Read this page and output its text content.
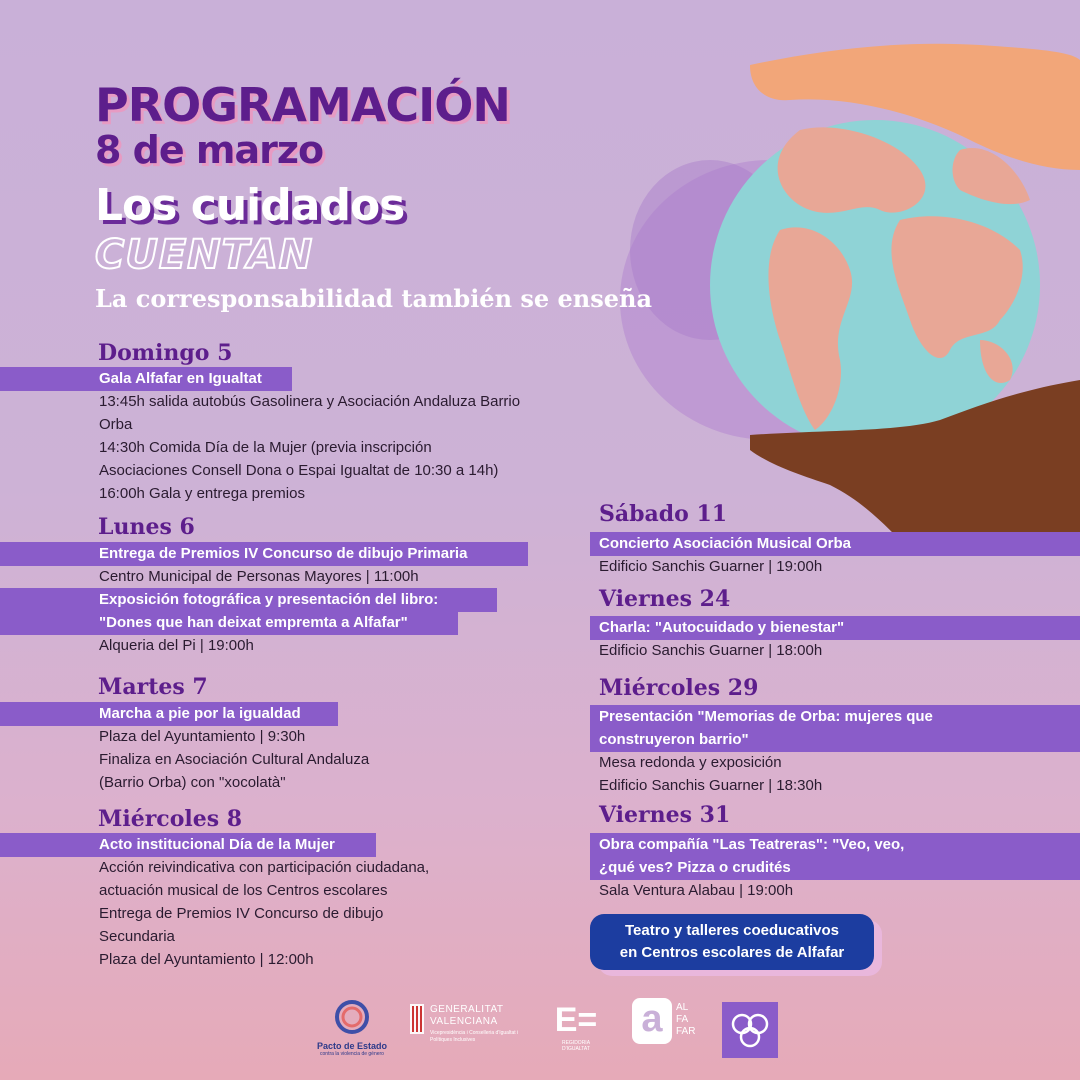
PROGRAMACIÓN
8 de marzo
Los cuidados
CUENTAN
La corresponsabilidad también se enseña
Domingo 5
Gala Alfafar en Igualtat
13:45h salida autobús Gasolinera y Asociación Andaluza Barrio
Orba
14:30h Comida Día de la Mujer (previa inscripción
Asociaciones Consell Dona o Espai Igualtat de 10:30 a 14h)
16:00h Gala y entrega premios
Lunes 6
Entrega de Premios IV Concurso de dibujo Primaria
Centro Municipal de Personas Mayores | 11:00h
Exposición fotográfica y presentación del libro:
"Dones que han deixat empremta a Alfafar"
Alqueria del Pi | 19:00h
Martes 7
Marcha a pie por la igualdad
Plaza del Ayuntamiento | 9:30h
Finaliza en Asociación Cultural Andaluza
(Barrio Orba) con "xocolatà"
Miércoles 8
Acto institucional Día de la Mujer
Acción reivindicativa con participación ciudadana,
actuación musical de los Centros escolares
Entrega de Premios IV Concurso de dibujo
Secundaria
Plaza del Ayuntamiento | 12:00h
Sábado 11
Concierto Asociación Musical Orba
Edificio Sanchis Guarner | 19:00h
Viernes 24
Charla: "Autocuidado y bienestar"
Edificio Sanchis Guarner | 18:00h
Miércoles 29
Presentación "Memorias de Orba: mujeres que
construyeron barrio"
Mesa redonda y exposición
Edificio Sanchis Guarner | 18:30h
Viernes 31
Obra compañía "Las Teatreras": "Veo, veo,
¿qué ves? Pizza o crudités
Sala Ventura Alabau | 19:00h
Teatro y talleres coeducativos
en Centros escolares de Alfafar
Pacto de Estado
contra la violencia de género
GENERALITAT
VALENCIANA
Vicepresidència i Conselleria d'Igualtat i Polítiques Inclusives
E=
REGIDORIA D'IGUALTAT
a	AL FA FAR
